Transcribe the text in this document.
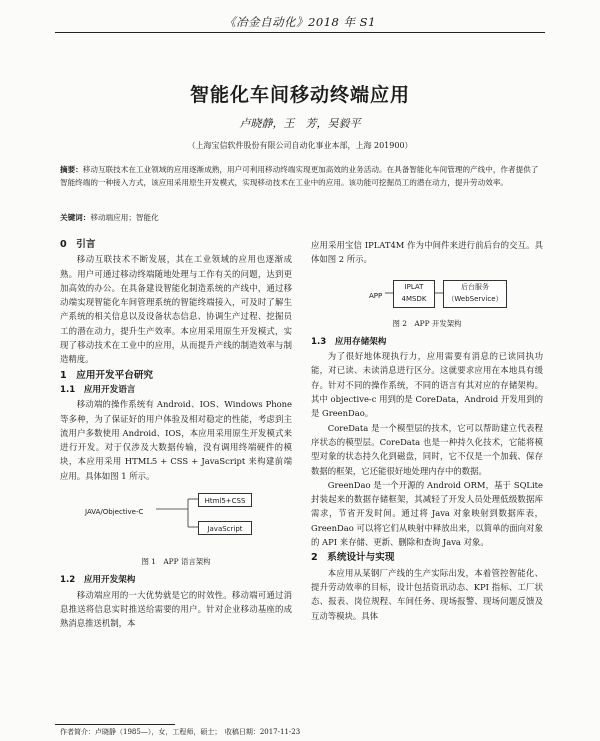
《冶金自动化》2018 年 S1
智能化车间移动终端应用
卢晓静，王　芳，吴毅平
（上海宝信软件股份有限公司自动化事业本部，上海 201900）
摘要：移动互联技术在工业领域的应用逐渐成熟，用户可利用移动终端实现更加高效的业务活动。在具备智能化车间管理的产线中，作者提供了智能终端的一种接入方式，该应用采用原生开发模式，实现移动技术在工业中的应用。该功能可挖掘员工的潜在动力，提升劳动效率。
关键词：移动端应用；智能化
0　引言

移动互联技术不断发展，其在工业领域的应用也逐渐成熟。用户可通过移动终端随地处理与工作有关的问题，达到更加高效的办公。在具备建设智能化制造系统的产线中，通过移动端实现智能化车间管理系统的智能终端接入，可及时了解生产系统的相关信息以及设备状态信息、协调生产过程、挖掘员工的潜在动力，提升生产效率。本应用采用原生开发模式，实现了移动技术在工业中的应用，从而提升产线的制造效率与制造精度。

1　应用开发平台研究
1.1　应用开发语言

移动端的操作系统有 Android、IOS、Windows Phone 等多种，为了保证好的用户体验及相对稳定的性能，考虑到主流用户多数使用 Android、IOS，本应用采用原生开发模式来进行开发。对于仅涉及大数据传输，没有调用终端硬件的模块，本应用采用 HTML5 + CSS + JavaScript 来构建前端应用。具体如图 1 所示。

JAVA/Objective-C
Html5+CSS
JavaScript
图 1　APP 语言架构
1.2　应用开发架构

移动端应用的一大优势就是它的时效性。移动端可通过消息推送将信息实时推送给需要的用户。针对企业移动基座的成熟消息推送机制，本

应用采用宝信 IPLAT4M 作为中间件来进行前后台的交互。具体如图 2 所示。

APP
IPLAT
4MSDK
后台服务
（WebService）
图 2　APP 开发架构
1.3　应用存储架构

为了很好地体现执行力，应用需要有消息的已读同执功能，对已读、未读消息进行区分。这就要求应用在本地具有缓存。针对不同的操作系统，不同的语言有其对应的存储架构。其中 objective-c 用到的是 CoreData，Android 开发用到的是 GreenDao。

CoreData 是一个模型层的技术，它可以帮助建立代表程序状态的模型层。CoreData 也是一种持久化技术，它能将模型对象的状态持久化到磁盘，同时，它不仅是一个加载、保存数据的框架，它还能很好地处理内存中的数据。

GreenDao 是一个开源的 Android ORM，基于 SQLite 封装起来的数据存储框架，其减轻了开发人员处理低级数据库需求，节省开发时间。通过将 Java 对象映射到数据库表，GreenDao 可以将它们从映射中释放出来，以简单的面向对象的 API 来存储、更新、删除和查询 Java 对象。

2　系统设计与实现

本应用从某钢厂产线的生产实际出发，本着管控智能化、提升劳动效率的目标，设计包括资讯动态、KPI 指标、工厂状态、报表、岗位规程、车间任务、现场报警、现场问题反馈及互动等模块。具体

作者简介：卢晓静（1985—），女，工程师，硕士；　收稿日期：2017-11-23
